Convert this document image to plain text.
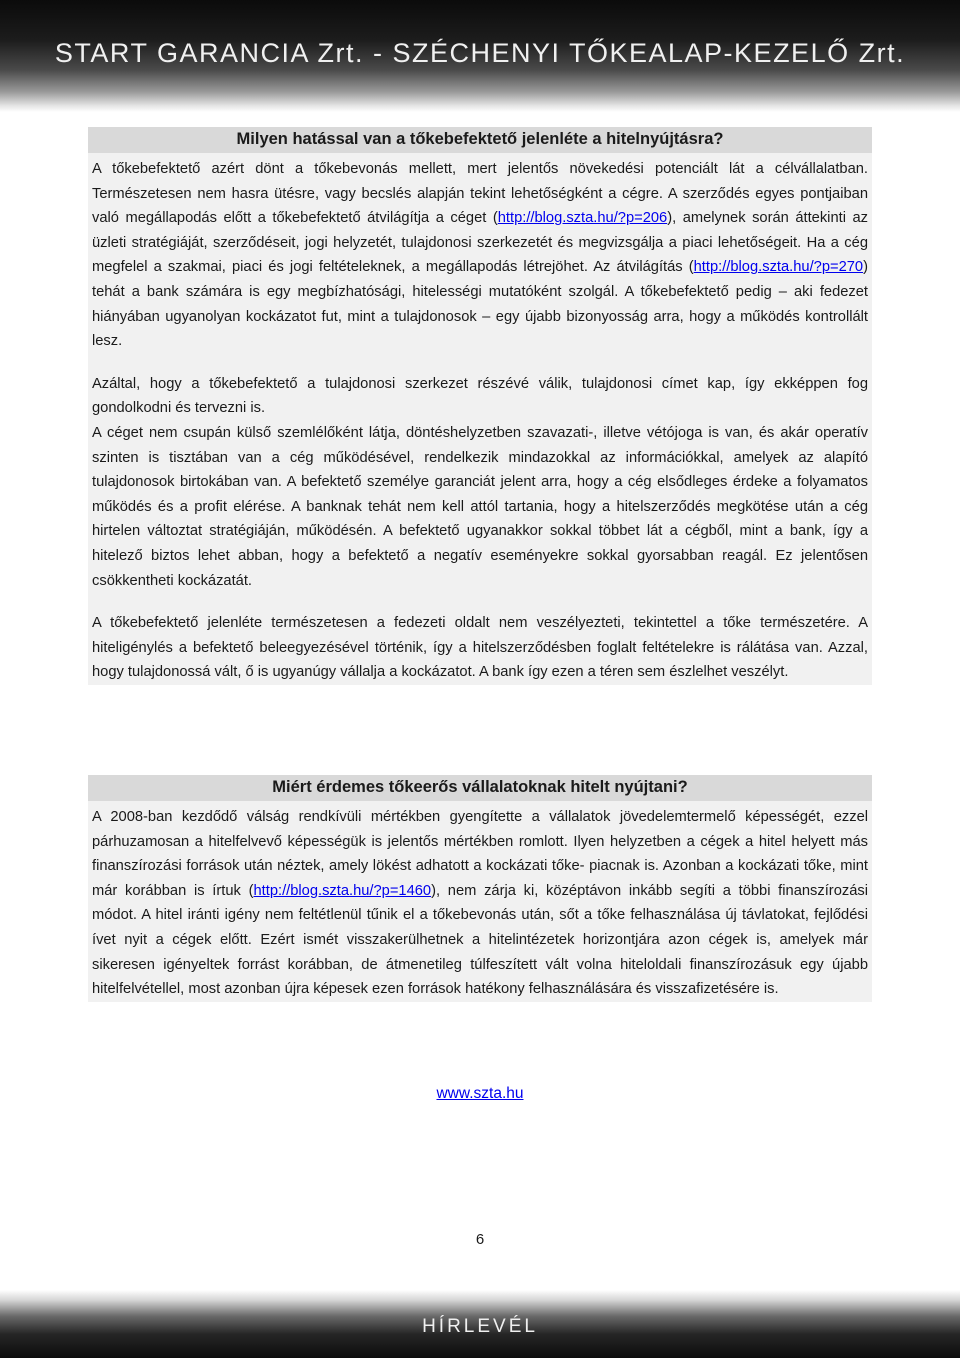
START GARANCIA Zrt. - SZÉCHENYI TŐKEALAP-KEZELŐ Zrt.
Milyen hatással van a tőkebefektető jelenléte a hitelnyújtásra?

A tőkebefektető azért dönt a tőkebevonás mellett, mert jelentős növekedési potenciált lát a célvállalatban. Természetesen nem hasra ütésre, vagy becslés alapján tekint lehetőségként a cégre. A szerződés egyes pontjaiban való megállapodás előtt a tőkebefektető átvilágítja a céget (http://blog.szta.hu/?p=206), amelynek során áttekinti az üzleti stratégiáját, szerződéseit, jogi helyzetét, tulajdonosi szerkezetét és megvizsgálja a piaci lehetőségeit. Ha a cég megfelel a szakmai, piaci és jogi feltételeknek, a megállapodás létrejöhet. Az átvilágítás (http://blog.szta.hu/?p=270) tehát a bank számára is egy megbízhatósági, hitelességi mutatóként szolgál. A tőkebefektető pedig – aki fedezet hiányában ugyanolyan kockázatot fut, mint a tulajdonosok – egy újabb bizonyosság arra, hogy a működés kontrollált lesz.

Azáltal, hogy a tőkebefektető a tulajdonosi szerkezet részévé válik, tulajdonosi címet kap, így ekképpen fog gondolkodni és tervezni is.

A céget nem csupán külső szemlélőként látja, döntéshelyzetben szavazati-, illetve vétójoga is van, és akár operatív szinten is tisztában van a cég működésével, rendelkezik mindazokkal az információkkal, amelyek az alapító tulajdonosok birtokában van. A befektető személye garanciát jelent arra, hogy a cég elsődleges érdeke a folyamatos működés és a profit elérése. A banknak tehát nem kell attól tartania, hogy a hitelszerződés megkötése után a cég hirtelen változtat stratégiáján, működésén. A befektető ugyanakkor sokkal többet lát a cégből, mint a bank, így a hitelező biztos lehet abban, hogy a befektető a negatív eseményekre sokkal gyorsabban reagál. Ez jelentősen csökkentheti kockázatát.

A tőkebefektető jelenléte természetesen a fedezeti oldalt nem veszélyezteti, tekintettel a tőke természetére. A hiteligénylés a befektető beleegyezésével történik, így a hitelszerződésben foglalt feltételekre is rálátása van. Azzal, hogy tulajdonossá vált, ő is ugyanúgy vállalja a kockázatot. A bank így ezen a téren sem észlelhet veszélyt.

Miért érdemes tőkeerős vállalatoknak hitelt nyújtani?

A 2008-ban kezdődő válság rendkívüli mértékben gyengítette a vállalatok jövedelemtermelő képességét, ezzel párhuzamosan a hitelfelvevő képességük is jelentős mértékben romlott. Ilyen helyzetben a cégek a hitel helyett más finanszírozási források után néztek, amely lökést adhatott a kockázati tőke- piacnak is. Azonban a kockázati tőke, mint már korábban is írtuk (http://blog.szta.hu/?p=1460), nem zárja ki, középtávon inkább segíti a többi finanszírozási módot. A hitel iránti igény nem feltétlenül tűnik el a tőkebevonás után, sőt a tőke felhasználása új távlatokat, fejlődési ívet nyit a cégek előtt. Ezért ismét visszakerülhetnek a hitelintézetek horizontjára azon cégek is, amelyek már sikeresen igényeltek forrást korábban, de átmenetileg túlfeszített vált volna hiteloldali finanszírozásuk egy újabb hitelfelvétellel, most azonban újra képesek ezen források hatékony felhasználására és visszafizetésére is.

www.szta.hu
6
HÍRLEVÉL
